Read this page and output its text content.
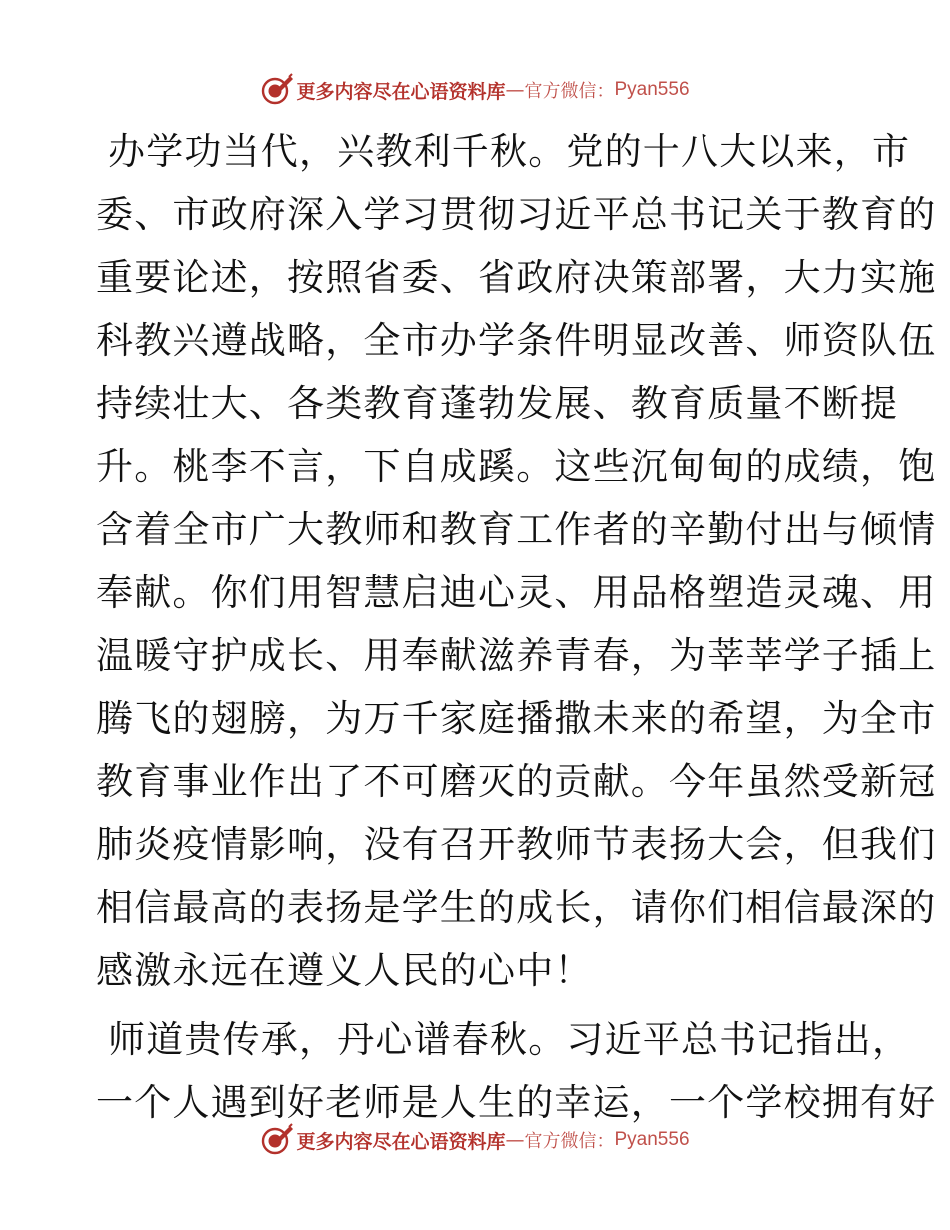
更多内容尽在心语资料库 — 官方微信： Pyan556

办学功当代，兴教利千秋。党的十八大以来，市
委、市政府深入学习贯彻习近平总书记关于教育的
重要论述，按照省委、省政府决策部署，大力实施
科教兴遵战略，全市办学条件明显改善、师资队伍
持续壮大、各类教育蓬勃发展、教育质量不断提
升。桃李不言，下自成蹊。这些沉甸甸的成绩，饱
含着全市广大教师和教育工作者的辛勤付出与倾情
奉献。你们用智慧启迪心灵、用品格塑造灵魂、用
温暖守护成长、用奉献滋养青春，为莘莘学子插上
腾飞的翅膀，为万千家庭播撒未来的希望，为全市
教育事业作出了不可磨灭的贡献。今年虽然受新冠
肺炎疫情影响，没有召开教师节表扬大会，但我们
相信最高的表扬是学生的成长，请你们相信最深的
感激永远在遵义人民的心中！

师道贵传承，丹心谱春秋。习近平总书记指出，
一个人遇到好老师是人生的幸运，一个学校拥有好

更多内容尽在心语资料库 — 官方微信： Pyan556
